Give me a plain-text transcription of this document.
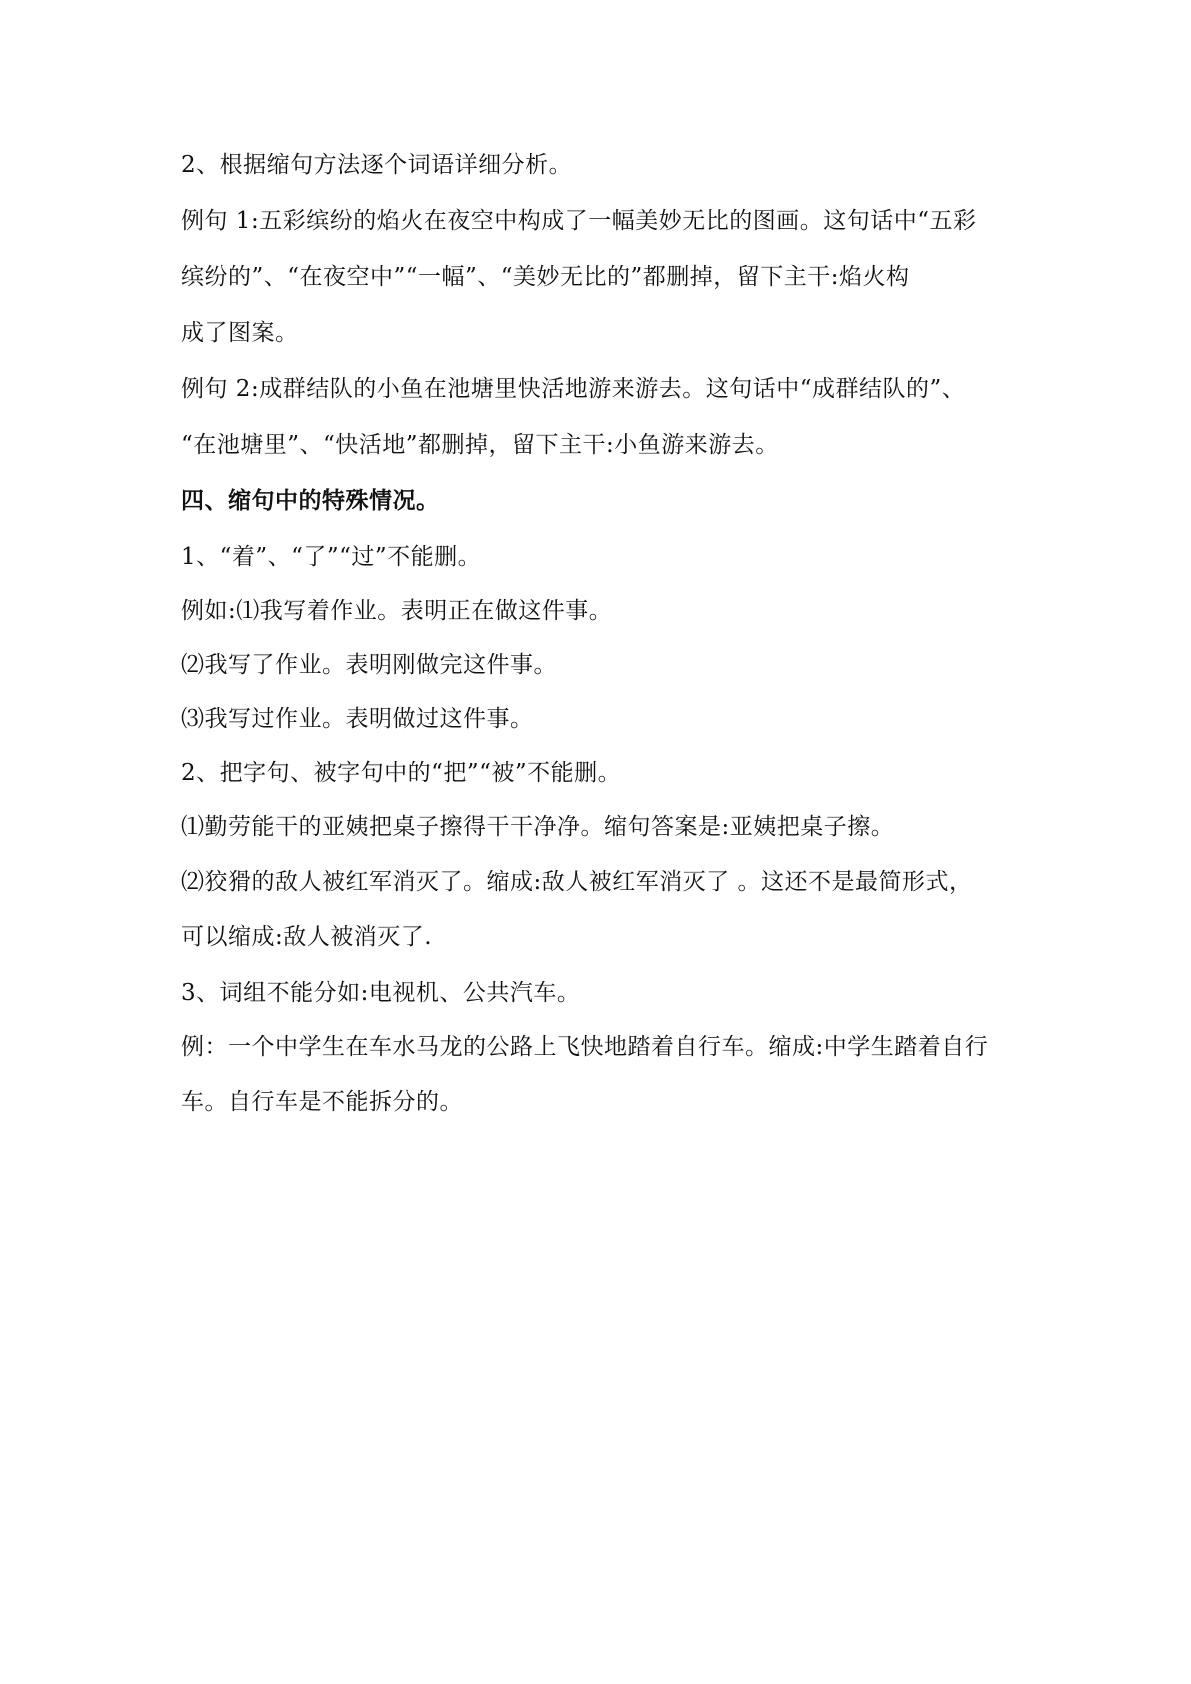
2、根据缩句方法逐个词语详细分析。
例句 1:五彩缤纷的焰火在夜空中构成了一幅美妙无比的图画。这句话中“五彩
缤纷的”、“在夜空中”“一幅”、“美妙无比的”都删掉，留下主干:焰火构
成了图案。
例句 2:成群结队的小鱼在池塘里快活地游来游去。这句话中“成群结队的”、
“在池塘里”、“快活地”都删掉，留下主干:小鱼游来游去。
四、缩句中的特殊情况。
1、“着”、“了”“过”不能删。
例如:⑴我写着作业。表明正在做这件事。
⑵我写了作业。表明刚做完这件事。
⑶我写过作业。表明做过这件事。
2、把字句、被字句中的“把”“被”不能删。
⑴勤劳能干的亚姨把桌子擦得干干净净。缩句答案是:亚姨把桌子擦。
⑵狡猾的敌人被红军消灭了。缩成:敌人被红军消灭了 。这还不是最简形式，
可以缩成:敌人被消灭了.
3、词组不能分如:电视机、公共汽车。
例：一个中学生在车水马龙的公路上飞快地踏着自行车。缩成:中学生踏着自行
车。自行车是不能拆分的。
